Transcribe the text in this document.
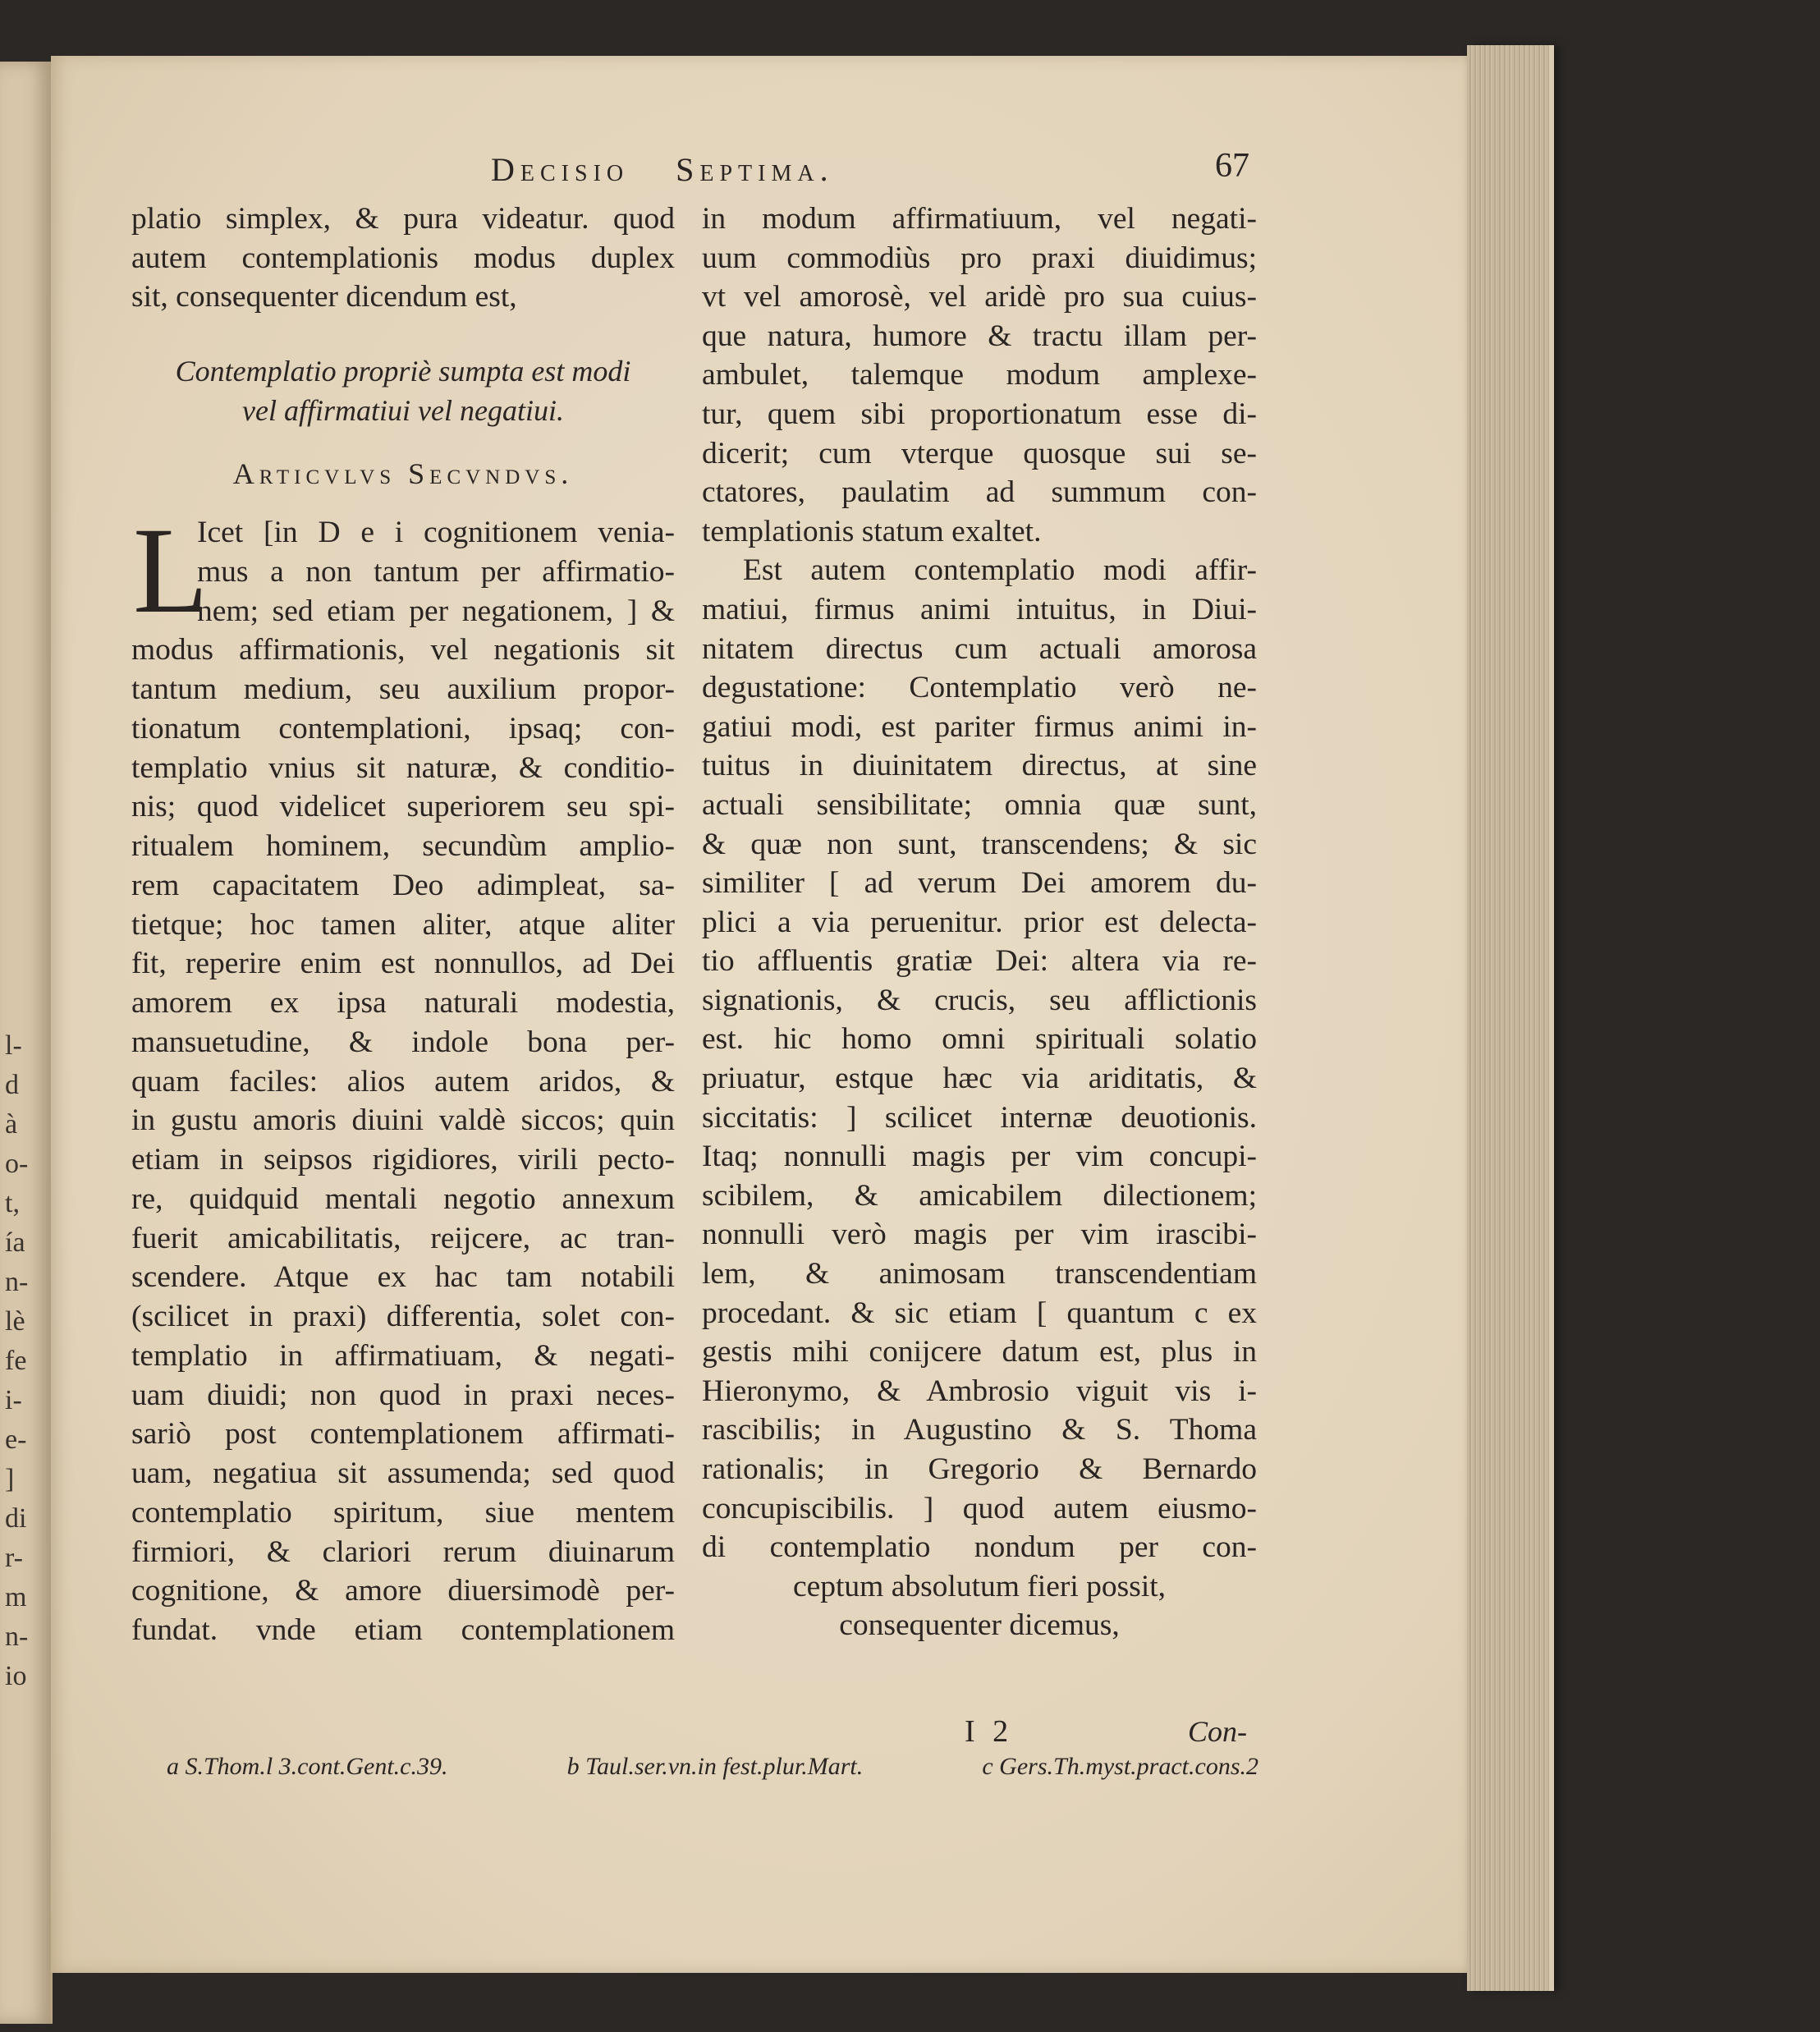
l-
d
à
o-
t,
ía
n-
lè
fe
i-
e-
]
di
r-
m
n-
io
Decisio Septima.	67
platio simplex, & pura videatur. quod
autem contemplationis modus duplex
sit, consequenter dicendum est,
Contemplatio propriè sumpta est modi
vel affirmatiui vel negatiui.
Articvlvs Secvndvs.
L
Icet [in D e i cognitionem venia-
mus a non tantum per affirmatio-
nem; sed etiam per negationem, ] &
modus affirmationis, vel negationis sit
tantum medium, seu auxilium propor-
tionatum contemplationi, ipsaq; con-
templatio vnius sit naturæ, & conditio-
nis; quod videlicet superiorem seu spi-
ritualem hominem, secundùm amplio-
rem capacitatem Deo adimpleat, sa-
tietque; hoc tamen aliter, atque aliter
fit, reperire enim est nonnullos, ad Dei
amorem ex ipsa naturali modestia,
mansuetudine, & indole bona per-
quam faciles: alios autem aridos, &
in gustu amoris diuini valdè siccos; quin
etiam in seipsos rigidiores, virili pecto-
re, quidquid mentali negotio annexum
fuerit amicabilitatis, reijcere, ac tran-
scendere. Atque ex hac tam notabili
(scilicet in praxi) differentia, solet con-
templatio in affirmatiuam, & negati-
uam diuidi; non quod in praxi neces-
sariò post contemplationem affirmati-
uam, negatiua sit assumenda; sed quod
contemplatio spiritum, siue mentem
firmiori, & clariori rerum diuinarum
cognitione, & amore diuersimodè per-
fundat. vnde etiam contemplationem
in modum affirmatiuum, vel negati-
uum commodiùs pro praxi diuidimus;
vt vel amorosè, vel aridè pro sua cuius-
que natura, humore & tractu illam per-
ambulet, talemque modum amplexe-
tur, quem sibi proportionatum esse di-
dicerit; cum vterque quosque sui se-
ctatores, paulatim ad summum con-
templationis statum exaltet.
Est autem contemplatio modi affir-
matiui, firmus animi intuitus, in Diui-
nitatem directus cum actuali amorosa
degustatione: Contemplatio verò ne-
gatiui modi, est pariter firmus animi in-
tuitus in diuinitatem directus, at sine
actuali sensibilitate; omnia quæ sunt,
& quæ non sunt, transcendens; & sic
similiter [ ad verum Dei amorem du-
plici a via peruenitur. prior est delecta-
tio affluentis gratiæ Dei: altera via re-
signationis, & crucis, seu afflictionis
est. hic homo omni spirituali solatio
priuatur, estque hæc via ariditatis, &
siccitatis: ] scilicet internæ deuotionis.
Itaq; nonnulli magis per vim concupi-
scibilem, & amicabilem dilectionem;
nonnulli verò magis per vim irascibi-
lem, & animosam transcendentiam
procedant. & sic etiam [ quantum c ex
gestis mihi conijcere datum est, plus in
Hieronymo, & Ambrosio viguit vis i-
rascibilis; in Augustino & S. Thoma
rationalis; in Gregorio & Bernardo
concupiscibilis. ] quod autem eiusmo-
di contemplatio nondum per con-
ceptum absolutum fieri possit,
consequenter dicemus,
I 2	Con-
a S.Thom.l 3.cont.Gent.c.39.	b Taul.ser.vn.in fest.plur.Mart.	c Gers.Th.myst.pract.cons.2
